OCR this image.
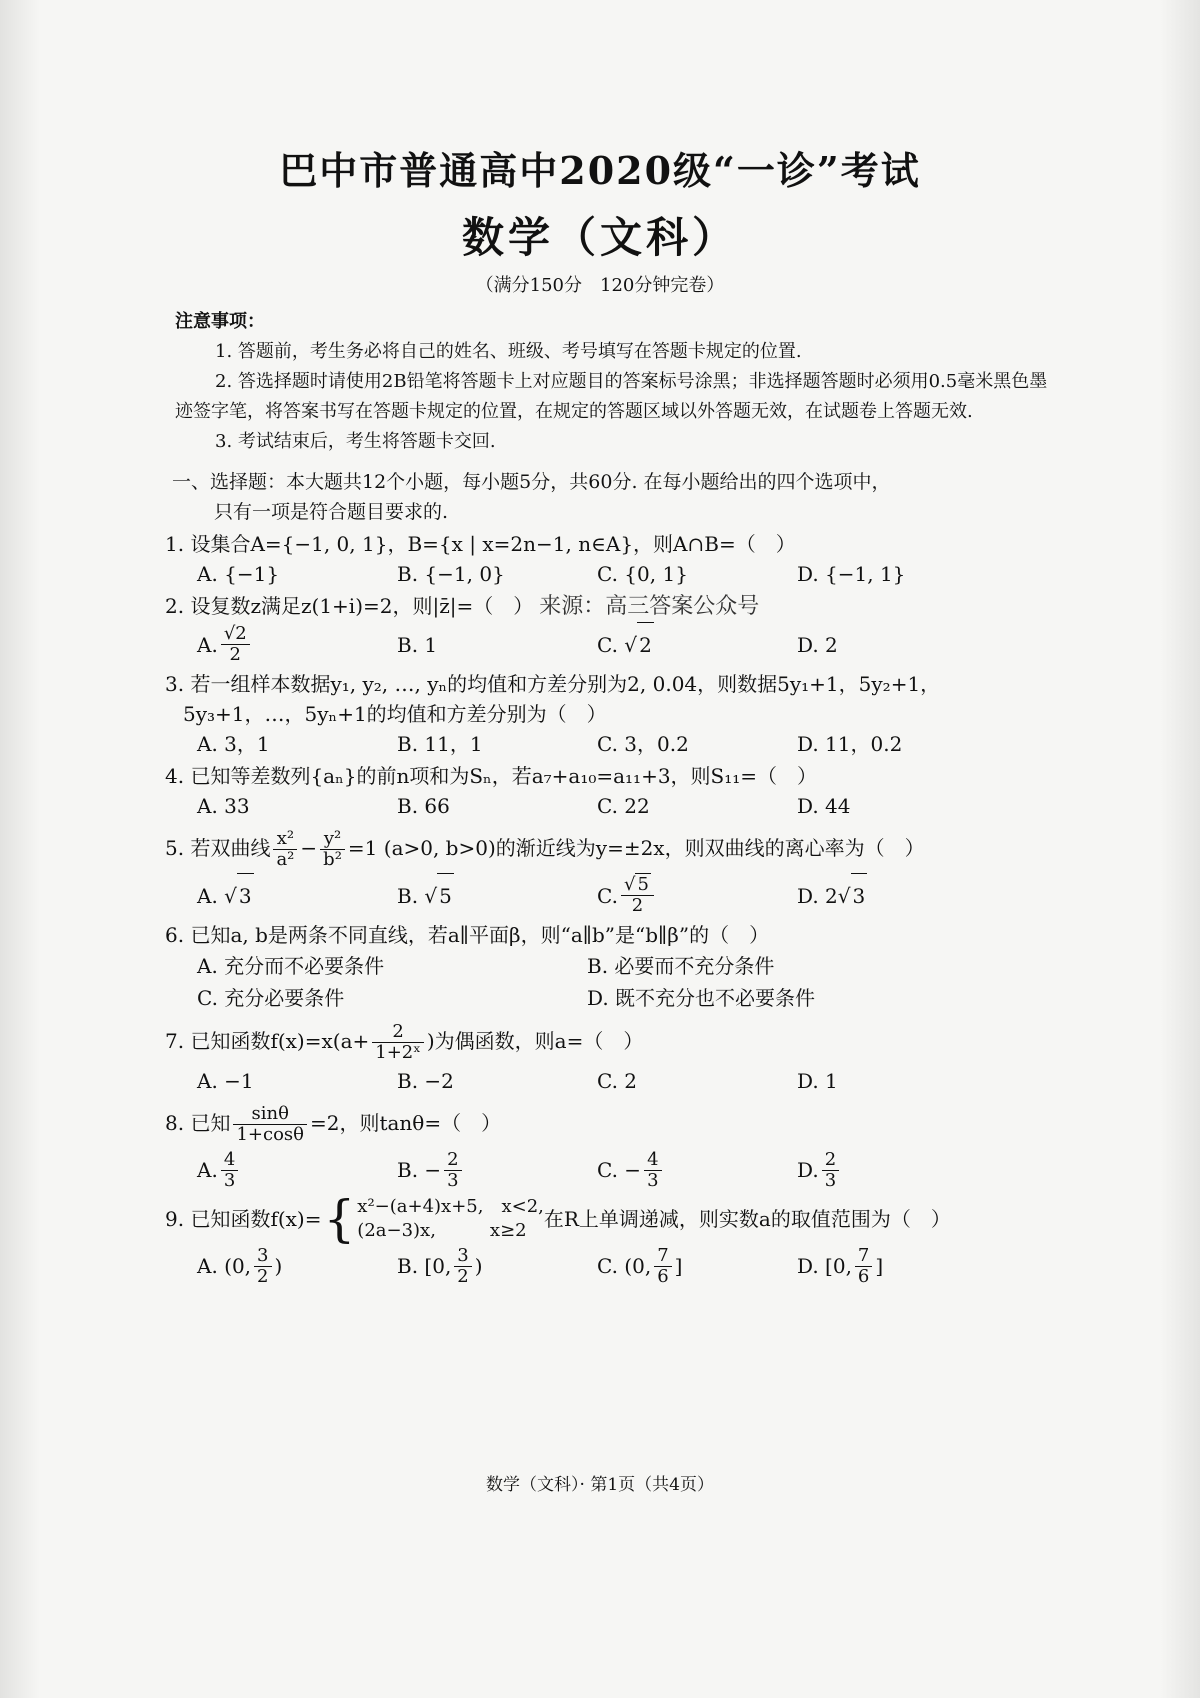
巴中市普通高中2020级“一诊”考试
数学（文科）
（满分150分　120分钟完卷）
注意事项：

1. 答题前，考生务必将自己的姓名、班级、考号填写在答题卡规定的位置.

2. 答选择题时请使用2B铅笔将答题卡上对应题目的答案标号涂黑；非选择题答题时必须用0.5毫米黑色墨迹签字笔，将答案书写在答题卡规定的位置，在规定的答题区域以外答题无效，在试题卷上答题无效.

3. 考试结束后，考生将答题卡交回.

一、选择题：本大题共12个小题，每小题5分，共60分. 在每小题给出的四个选项中，
只有一项是符合题目要求的.
1. 设集合A={−1, 0, 1}，B={x | x=2n−1, n∈A}，则A∩B=（　）
A. {−1}	B. {−1, 0}	C. {0, 1}	D. {−1, 1}
2. 设复数z满足z(1+i)=2，则|z̄|=（　） 来源：高三答案公众号
A. $\frac{√2}{2}$	B. 1	C. √ 2	D. 2
3. 若一组样本数据y₁, y₂, …, yₙ的均值和方差分别为2, 0.04，则数据5y₁+1，5y₂+1，
5y₃+1，…，5yₙ+1的均值和方差分别为（　）
A. 3，1	B. 11，1	C. 3，0.2	D. 11，0.2
4. 已知等差数列{aₙ}的前n项和为Sₙ，若a₇+a₁₀=a₁₁+3，则S₁₁=（　）
A. 33	B. 66	C. 22	D. 44
5. 若双曲线 $\frac{\text{x²}}{\text{a²}} - \frac{\text{y²}}{\text{b²}} =1$ (a>0, b>0)的渐近线为y=±2x，则双曲线的离心率为（　）
A. √ 3	B. √ 5	C. $\frac{√ 5}{2}$	D. 2 √ 3
6. 已知a, b是两条不同直线，若a∥平面β，则“a∥b”是“b∥β”的（　）
A. 充分而不必要条件	B. 必要而不充分条件
C. 充分必要条件	D. 既不充分也不必要条件
7. 已知函数$f(x)=x(a+ \frac{2}{\text{1+2ˣ}}$ )为偶函数，则a=（　）
A. −1	B. −2	C. 2	D. 1
8. 已知 $\frac{\sin\theta}{1+\cos\theta} =2$，则tanθ=（　）
A. $\frac{4}{3}$	B. − $\frac{2}{3}$	C. − $\frac{4}{3}$	D. $\frac{2}{3}$
9. 已知函数f(x)= { x²−(a+4)x+5,　x<2,
(2a−3)x,　　　x≥2 在R上单调递减，则实数a的取值范围为（　）
A. (0, $\frac{3}{2}$ )	B. [0, $\frac{3}{2}$ )	C. (0, $\frac{7}{6}$ ]	D. [0, $\frac{7}{6}$ ]
数学（文科）· 第1页（共4页）
